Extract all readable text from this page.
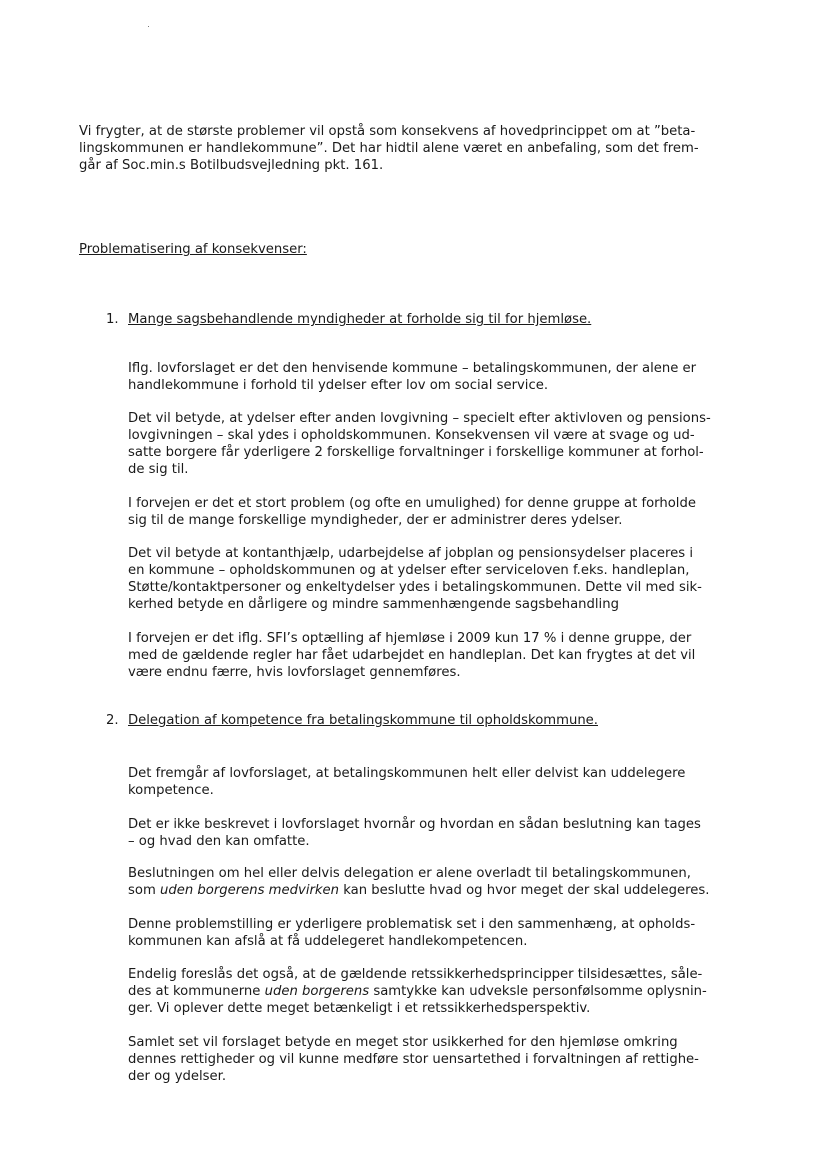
Vi frygter, at de største problemer vil opstå som konsekvens af hovedprincippet om at ”beta-
lingskommunen er handlekommune”. Det har hidtil alene været en anbefaling, som det frem-
går af Soc.min.s Botilbudsvejledning pkt. 161.
Problematisering af konsekvenser:
1. Mange sagsbehandlende myndigheder at forholde sig til for hjemløse.
Iflg. lovforslaget er det den henvisende kommune – betalingskommunen, der alene er
handlekommune i forhold til ydelser efter lov om social service.
Det vil betyde, at ydelser efter anden lovgivning – specielt efter aktivloven og pensions-
lovgivningen – skal ydes i opholdskommunen. Konsekvensen vil være at svage og ud-
satte borgere får yderligere 2 forskellige forvaltninger i forskellige kommuner at forhol-
de sig til.
I forvejen er det et stort problem (og ofte en umulighed) for denne gruppe at forholde
sig til de mange forskellige myndigheder, der er administrer deres ydelser.
Det vil betyde at kontanthjælp, udarbejdelse af jobplan og pensionsydelser placeres i
en kommune – opholdskommunen og at ydelser efter serviceloven f.eks. handleplan,
Støtte/kontaktpersoner og enkeltydelser ydes i betalingskommunen. Dette vil med sik-
kerhed betyde en dårligere og mindre sammenhængende sagsbehandling
I forvejen er det iflg. SFI’s optælling af hjemløse i 2009 kun 17 % i denne gruppe, der
med de gældende regler har fået udarbejdet en handleplan. Det kan frygtes at det vil
være endnu færre, hvis lovforslaget gennemføres.
2. Delegation af kompetence fra betalingskommune til opholdskommune.
Det fremgår af lovforslaget, at betalingskommunen helt eller delvist kan uddelegere
kompetence.
Det er ikke beskrevet i lovforslaget hvornår og hvordan en sådan beslutning kan tages
– og hvad den kan omfatte.
Beslutningen om hel eller delvis delegation er alene overladt til betalingskommunen,
som uden borgerens medvirken kan beslutte hvad og hvor meget der skal uddelegeres.
Denne problemstilling er yderligere problematisk set i den sammenhæng, at opholds-
kommunen kan afslå at få uddelegeret handlekompetencen.
Endelig foreslås det også, at de gældende retssikkerhedsprincipper tilsidesættes, såle-
des at kommunerne uden borgerens samtykke kan udveksle personfølsomme oplysnin-
ger. Vi oplever dette meget betænkeligt i et retssikkerhedsperspektiv.
Samlet set vil forslaget betyde en meget stor usikkerhed for den hjemløse omkring
dennes rettigheder og vil kunne medføre stor uensartethed i forvaltningen af rettighe-
der og ydelser.
